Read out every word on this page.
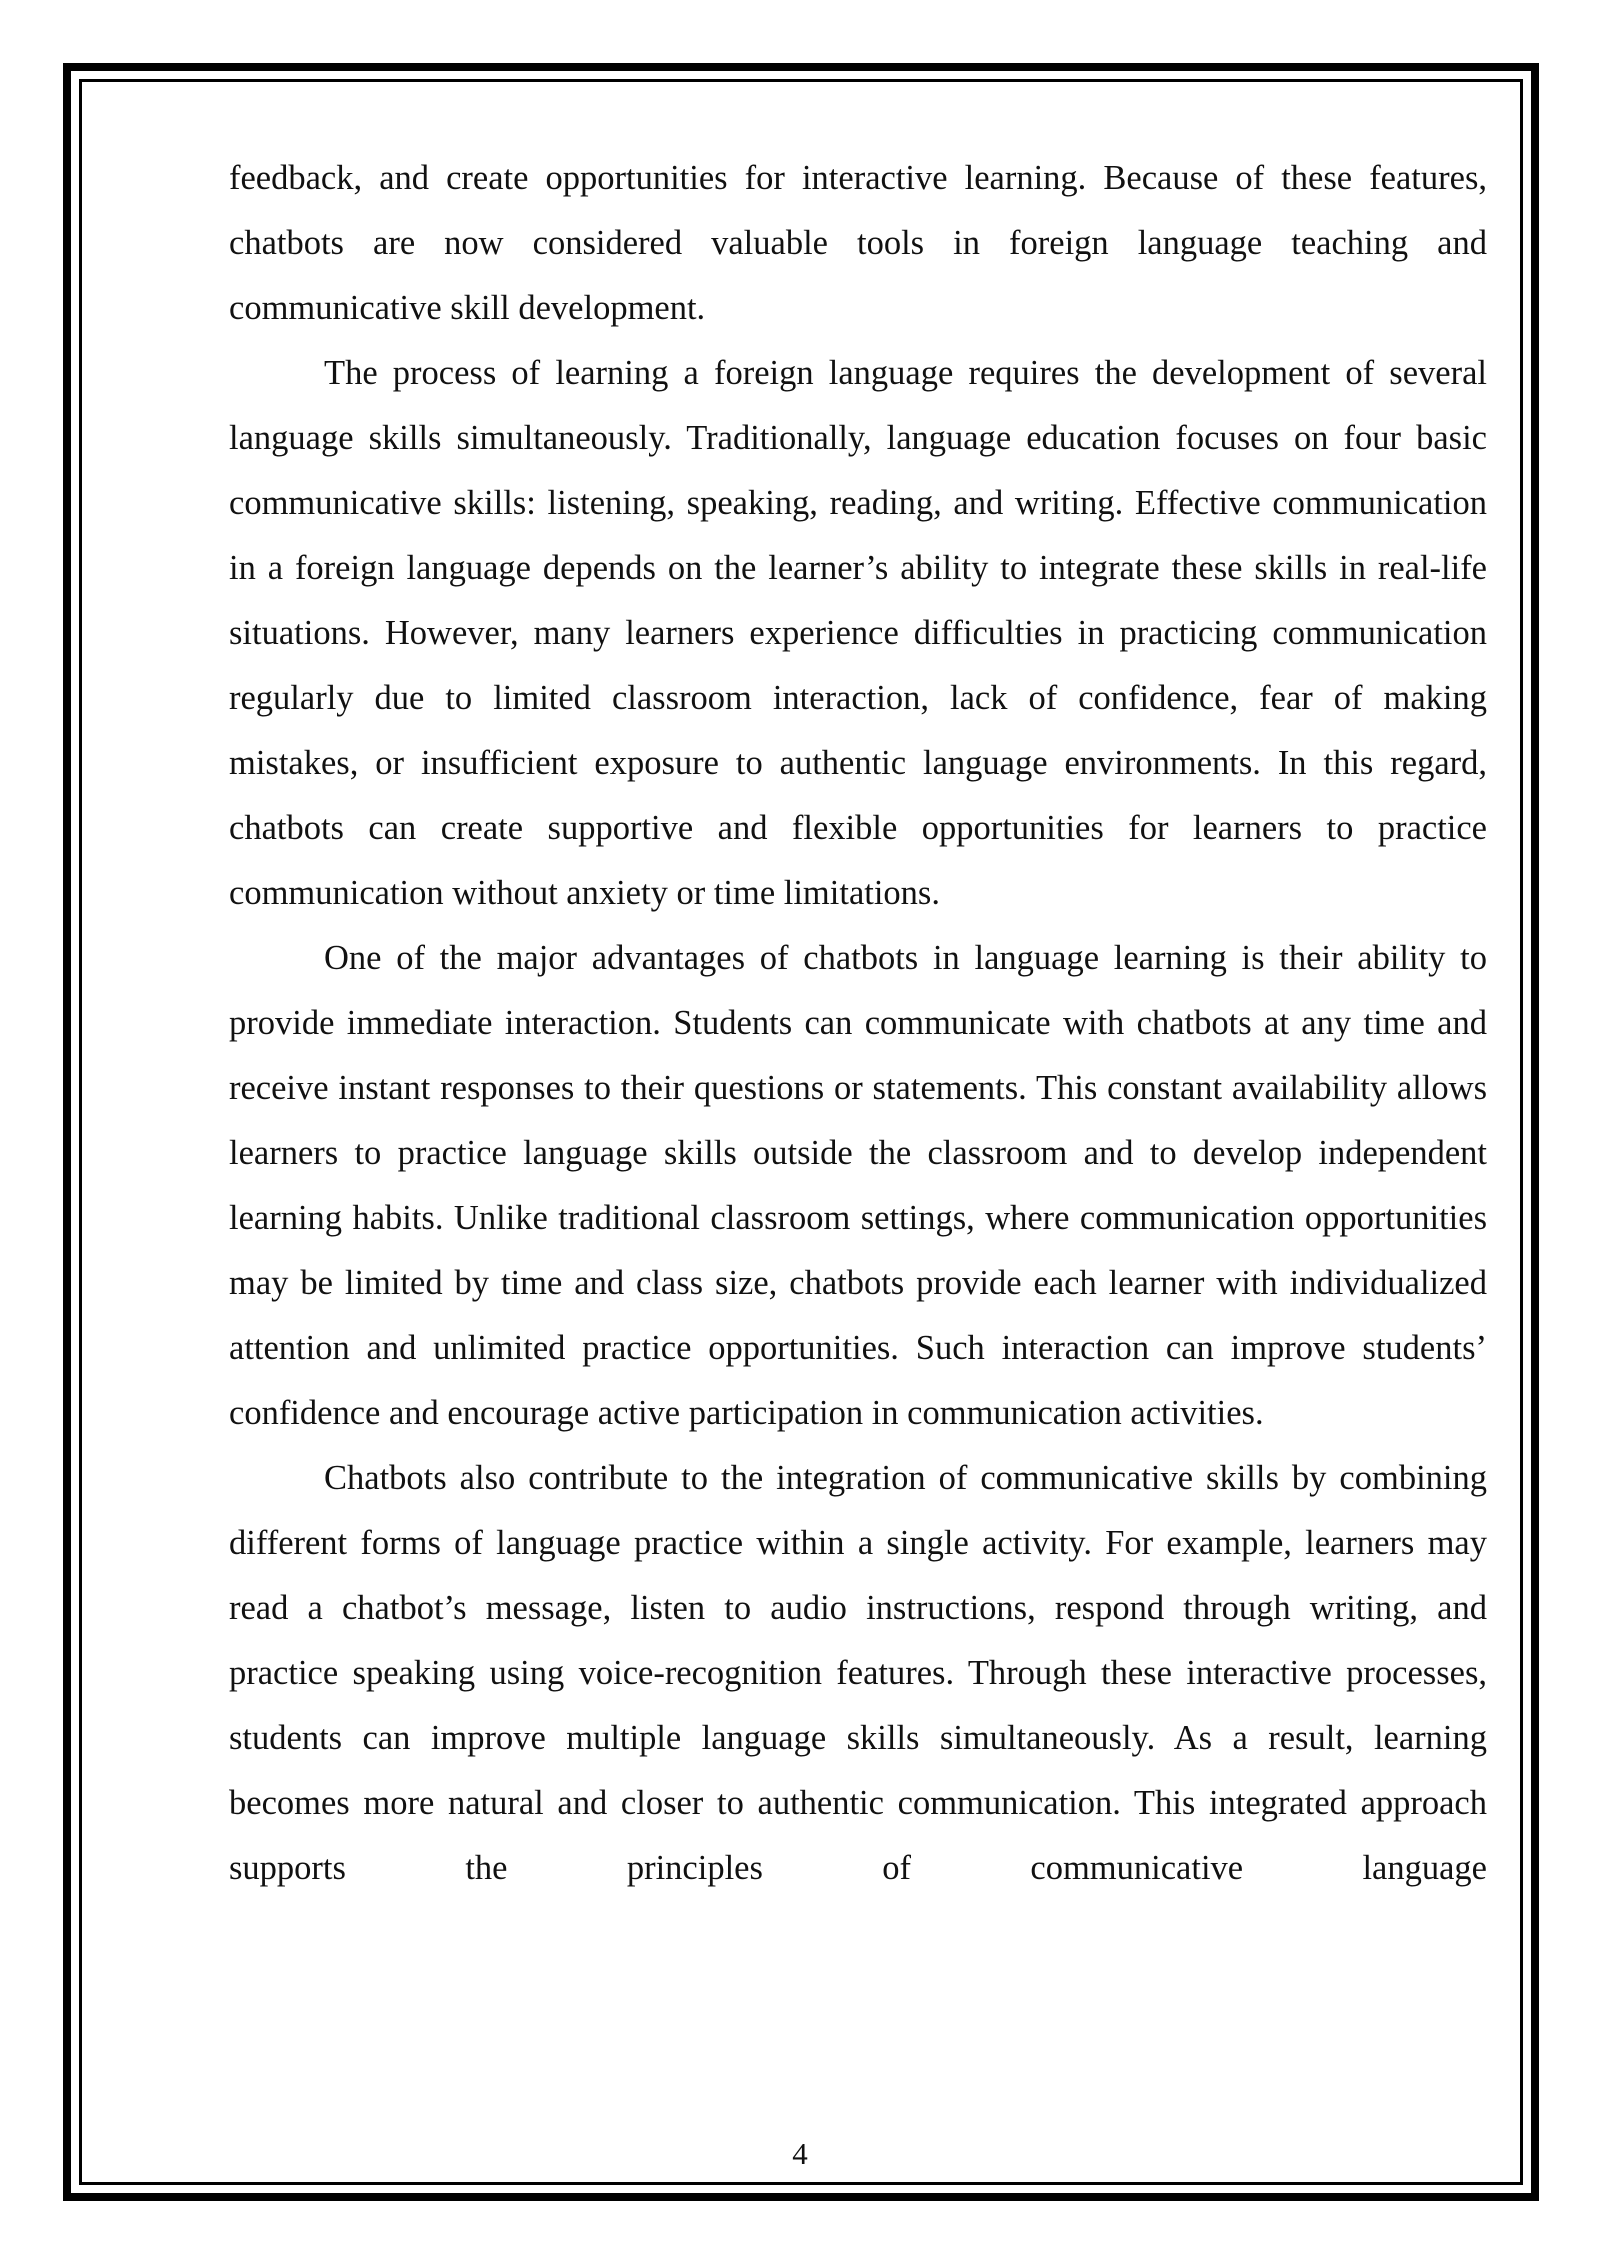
feedback, and create opportunities for interactive learning. Because of these features, chatbots are now considered valuable tools in foreign language teaching and communicative skill development.

The process of learning a foreign language requires the development of several language skills simultaneously. Traditionally, language education focuses on four basic communicative skills: listening, speaking, reading, and writing. Effective communication in a foreign language depends on the learner’s ability to integrate these skills in real-life situations. However, many learners experience difficulties in practicing communication regularly due to limited classroom interaction, lack of confidence, fear of making mistakes, or insufficient exposure to authentic language environments. In this regard, chatbots can create supportive and flexible opportunities for learners to practice communication without anxiety or time limitations.

One of the major advantages of chatbots in language learning is their ability to provide immediate interaction. Students can communicate with chatbots at any time and receive instant responses to their questions or statements. This constant availability allows learners to practice language skills outside the classroom and to develop independent learning habits. Unlike traditional classroom settings, where communication opportunities may be limited by time and class size, chatbots provide each learner with individualized attention and unlimited practice opportunities. Such interaction can improve students’ confidence and encourage active participation in communication activities.

Chatbots also contribute to the integration of communicative skills by combining different forms of language practice within a single activity. For example, learners may read a chatbot’s message, listen to audio instructions, respond through writing, and practice speaking using voice-recognition features. Through these interactive processes, students can improve multiple language skills simultaneously. As a result, learning becomes more natural and closer to authentic communication. This integrated approach supports the principles of communicative language

4
